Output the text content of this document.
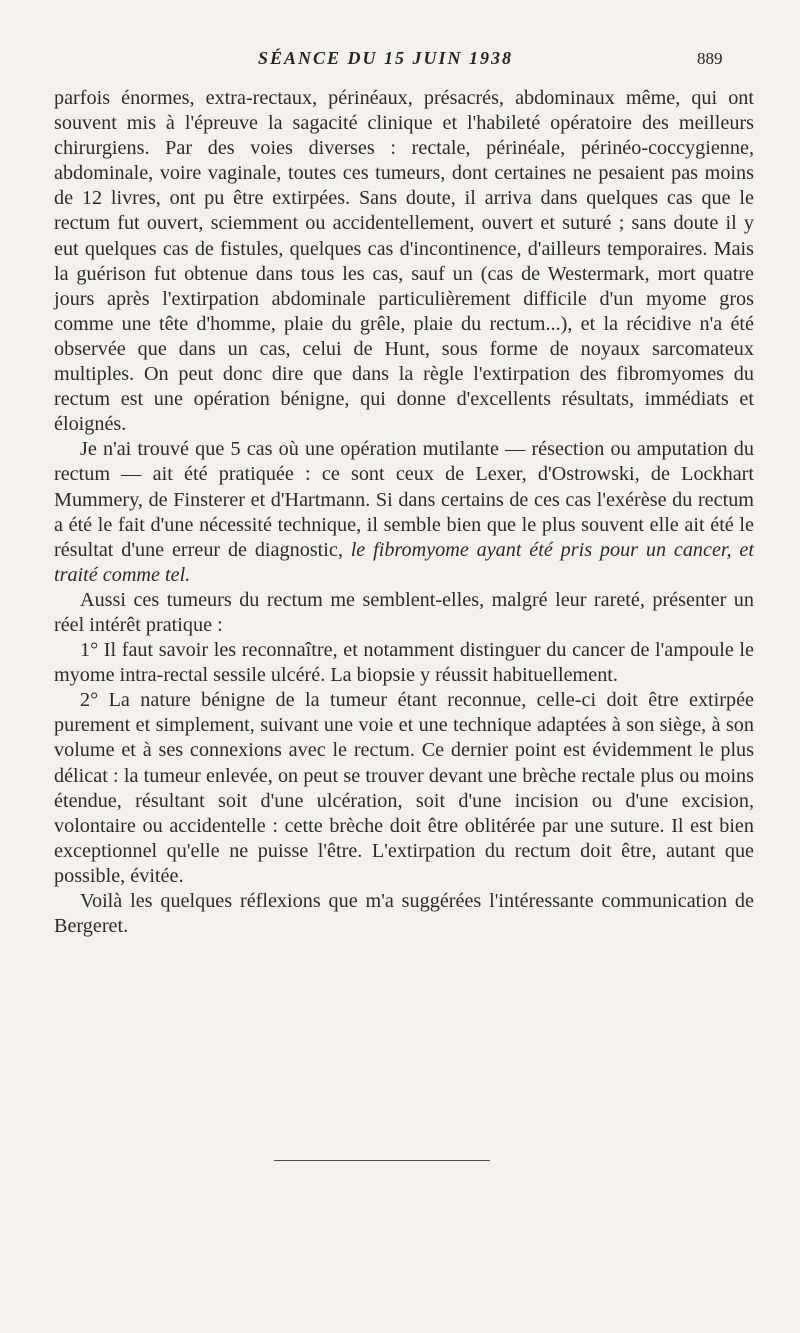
SÉANCE DU 15 JUIN 1938	889

parfois énormes, extra-rectaux, périnéaux, présacrés, abdominaux même, qui ont souvent mis à l'épreuve la sagacité clinique et l'habileté opératoire des meilleurs chirurgiens. Par des voies diverses : rectale, périnéale, périnéo-coccygienne, abdominale, voire vaginale, toutes ces tumeurs, dont certaines ne pesaient pas moins de 12 livres, ont pu être extirpées. Sans doute, il arriva dans quelques cas que le rectum fut ouvert, sciemment ou accidentellement, ouvert et suturé ; sans doute il y eut quelques cas de fistules, quelques cas d'incontinence, d'ailleurs temporaires. Mais la guérison fut obtenue dans tous les cas, sauf un (cas de Westermark, mort quatre jours après l'extirpation abdominale particulièrement difficile d'un myome gros comme une tête d'homme, plaie du grêle, plaie du rectum...), et la récidive n'a été observée que dans un cas, celui de Hunt, sous forme de noyaux sarcomateux multiples. On peut donc dire que dans la règle l'extirpation des fibromyomes du rectum est une opération bénigne, qui donne d'excellents résultats, immédiats et éloignés.

Je n'ai trouvé que 5 cas où une opération mutilante — résection ou amputation du rectum — ait été pratiquée : ce sont ceux de Lexer, d'Ostrowski, de Lockhart Mummery, de Finsterer et d'Hartmann. Si dans certains de ces cas l'exérèse du rectum a été le fait d'une nécessité technique, il semble bien que le plus souvent elle ait été le résultat d'une erreur de diagnostic, le fibromyome ayant été pris pour un cancer, et traité comme tel.

Aussi ces tumeurs du rectum me semblent-elles, malgré leur rareté, présenter un réel intérêt pratique :

1° Il faut savoir les reconnaître, et notamment distinguer du cancer de l'ampoule le myome intra-rectal sessile ulcéré. La biopsie y réussit habituellement.

2° La nature bénigne de la tumeur étant reconnue, celle-ci doit être extirpée purement et simplement, suivant une voie et une technique adaptées à son siège, à son volume et à ses connexions avec le rectum. Ce dernier point est évidemment le plus délicat : la tumeur enlevée, on peut se trouver devant une brèche rectale plus ou moins étendue, résultant soit d'une ulcération, soit d'une incision ou d'une excision, volontaire ou accidentelle : cette brèche doit être oblitérée par une suture. Il est bien exceptionnel qu'elle ne puisse l'être. L'extirpation du rectum doit être, autant que possible, évitée.

Voilà les quelques réflexions que m'a suggérées l'intéressante communication de Bergeret.
